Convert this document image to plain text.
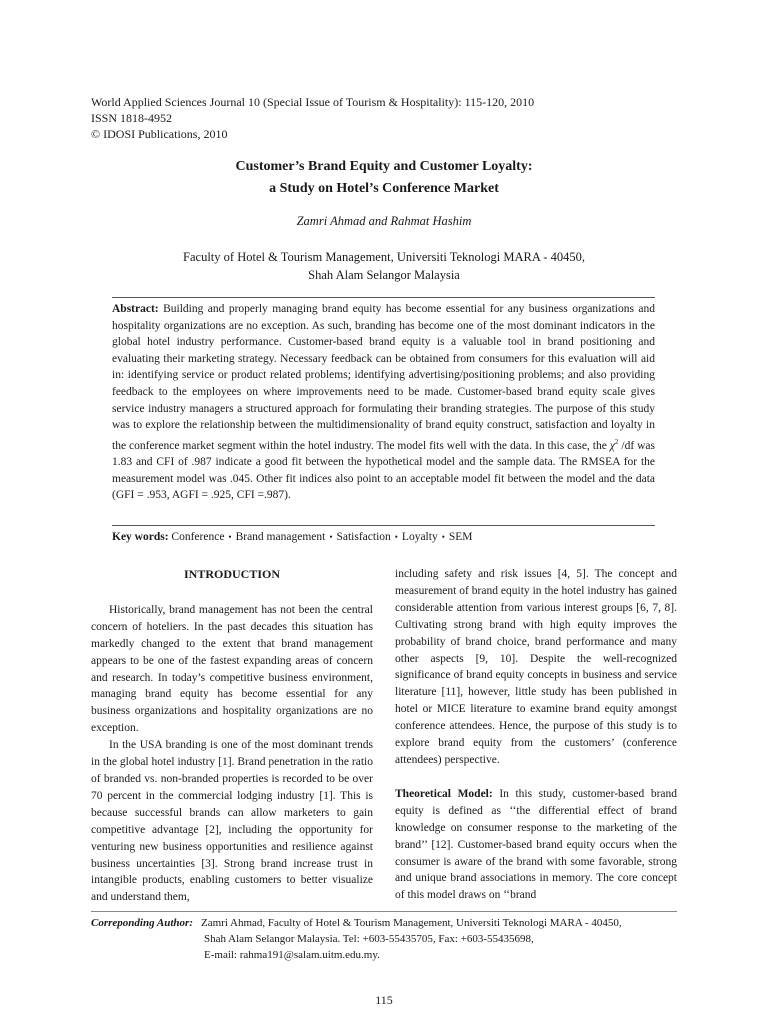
World Applied Sciences Journal 10 (Special Issue of Tourism & Hospitality): 115-120, 2010
ISSN 1818-4952
© IDOSI Publications, 2010
Customer’s Brand Equity and Customer Loyalty:
a Study on Hotel’s Conference Market
Zamri Ahmad and Rahmat Hashim
Faculty of Hotel & Tourism Management, Universiti Teknologi MARA - 40450,
Shah Alam Selangor Malaysia
Abstract: Building and properly managing brand equity has become essential for any business organizations and hospitality organizations are no exception. As such, branding has become one of the most dominant indicators in the global hotel industry performance. Customer-based brand equity is a valuable tool in brand positioning and evaluating their marketing strategy. Necessary feedback can be obtained from consumers for this evaluation will aid in: identifying service or product related problems; identifying advertising/positioning problems; and also providing feedback to the employees on where improvements need to be made. Customer-based brand equity scale gives service industry managers a structured approach for formulating their branding strategies. The purpose of this study was to explore the relationship between the multidimensionality of brand equity construct, satisfaction and loyalty in the conference market segment within the hotel industry. The model fits well with the data. In this case, the $\chi^2$ /df was 1.83 and CFI of .987 indicate a good fit between the hypothetical model and the sample data. The RMSEA for the measurement model was .045. Other fit indices also point to an acceptable model fit between the model and the data (GFI = .953, AGFI = .925, CFI =.987).
Key words: Conference • Brand management • Satisfaction • Loyalty • SEM
INTRODUCTION

Historically, brand management has not been the central concern of hoteliers. In the past decades this situation has markedly changed to the extent that brand management appears to be one of the fastest expanding areas of concern and research. In today’s competitive business environment, managing brand equity has become essential for any business organizations and hospitality organizations are no exception.

In the USA branding is one of the most dominant trends in the global hotel industry [1]. Brand penetration in the ratio of branded vs. non-branded properties is recorded to be over 70 percent in the commercial lodging industry [1]. This is because successful brands can allow marketers to gain competitive advantage [2], including the opportunity for venturing new business opportunities and resilience against business uncertainties [3]. Strong brand increase trust in intangible products, enabling customers to better visualize and understand them,

including safety and risk issues [4, 5]. The concept and measurement of brand equity in the hotel industry has gained considerable attention from various interest groups [6, 7, 8]. Cultivating strong brand with high equity improves the probability of brand choice, brand performance and many other aspects [9, 10]. Despite the well-recognized significance of brand equity concepts in business and service literature [11], however, little study has been published in hotel or MICE literature to examine brand equity amongst conference attendees. Hence, the purpose of this study is to explore brand equity from the customers’ (conference attendees) perspective.

Theoretical Model: In this study, customer-based brand equity is defined as ‘‘the differential effect of brand knowledge on consumer response to the marketing of the brand’’ [12]. Customer-based brand equity occurs when the consumer is aware of the brand with some favorable, strong and unique brand associations in memory. The core concept of this model draws on ‘‘brand

Correponding Author: Zamri Ahmad, Faculty of Hotel & Tourism Management, Universiti Teknologi MARA - 40450,
Shah Alam Selangor Malaysia. Tel: +603-55435705, Fax: +603-55435698,
E-mail: rahma191@salam.uitm.edu.my.
115
